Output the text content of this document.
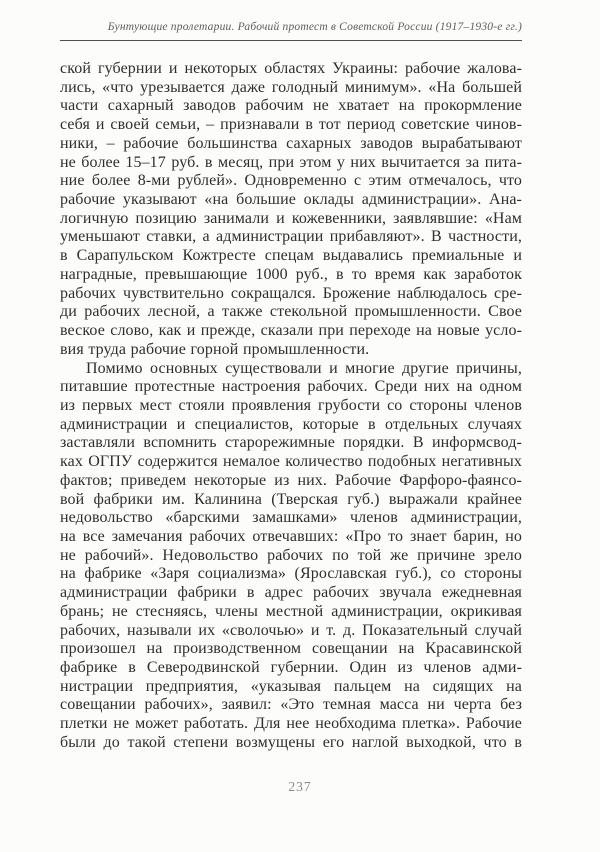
Бунтующие пролетарии. Рабочий протест в Советской России (1917–1930-е гг.)
ской губернии и некоторых областях Украины: рабочие жалова-
лись, «что урезывается даже голодный минимум». «На большей
части сахарный заводов рабочим не хватает на прокормление
себя и своей семьи, – признавали в тот период советские чинов-
ники, – рабочие большинства сахарных заводов вырабатывают
не более 15–17 руб. в месяц, при этом у них вычитается за пита-
ние более 8-ми рублей». Одновременно с этим отмечалось, что
рабочие указывают «на большие оклады администрации». Ана-
логичную позицию занимали и кожевенники, заявлявшие: «Нам
уменьшают ставки, а администрации прибавляют». В частности,
в Сарапульском Кожтресте спецам выдавались премиальные и
наградные, превышающие 1000 руб., в то время как заработок
рабочих чувствительно сокращался. Брожение наблюдалось сре-
ди рабочих лесной, а также стекольной промышленности. Свое
веское слово, как и прежде, сказали при переходе на новые усло-
вия труда рабочие горной промышленности.
Помимо основных существовали и многие другие причины,
питавшие протестные настроения рабочих. Среди них на одном
из первых мест стояли проявления грубости со стороны членов
администрации и специалистов, которые в отдельных случаях
заставляли вспомнить старорежимные порядки. В информсвод-
ках ОГПУ содержится немалое количество подобных негативных
фактов; приведем некоторые из них. Рабочие Фарфоро-фаянсо-
вой фабрики им. Калинина (Тверская губ.) выражали крайнее
недовольство «барскими замашками» членов администрации,
на все замечания рабочих отвечавших: «Про то знает барин, но
не рабочий». Недовольство рабочих по той же причине зрело
на фабрике «Заря социализма» (Ярославская губ.), со стороны
администрации фабрики в адрес рабочих звучала ежедневная
брань; не стесняясь, члены местной администрации, окрикивая
рабочих, называли их «сволочью» и т. д. Показательный случай
произошел на производственном совещании на Красавинской
фабрике в Северодвинской губернии. Один из членов адми-
нистрации предприятия, «указывая пальцем на сидящих на
совещании рабочих», заявил: «Это темная масса ни черта без
плетки не может работать. Для нее необходима плетка». Рабочие
были до такой степени возмущены его наглой выходкой, что в
237
